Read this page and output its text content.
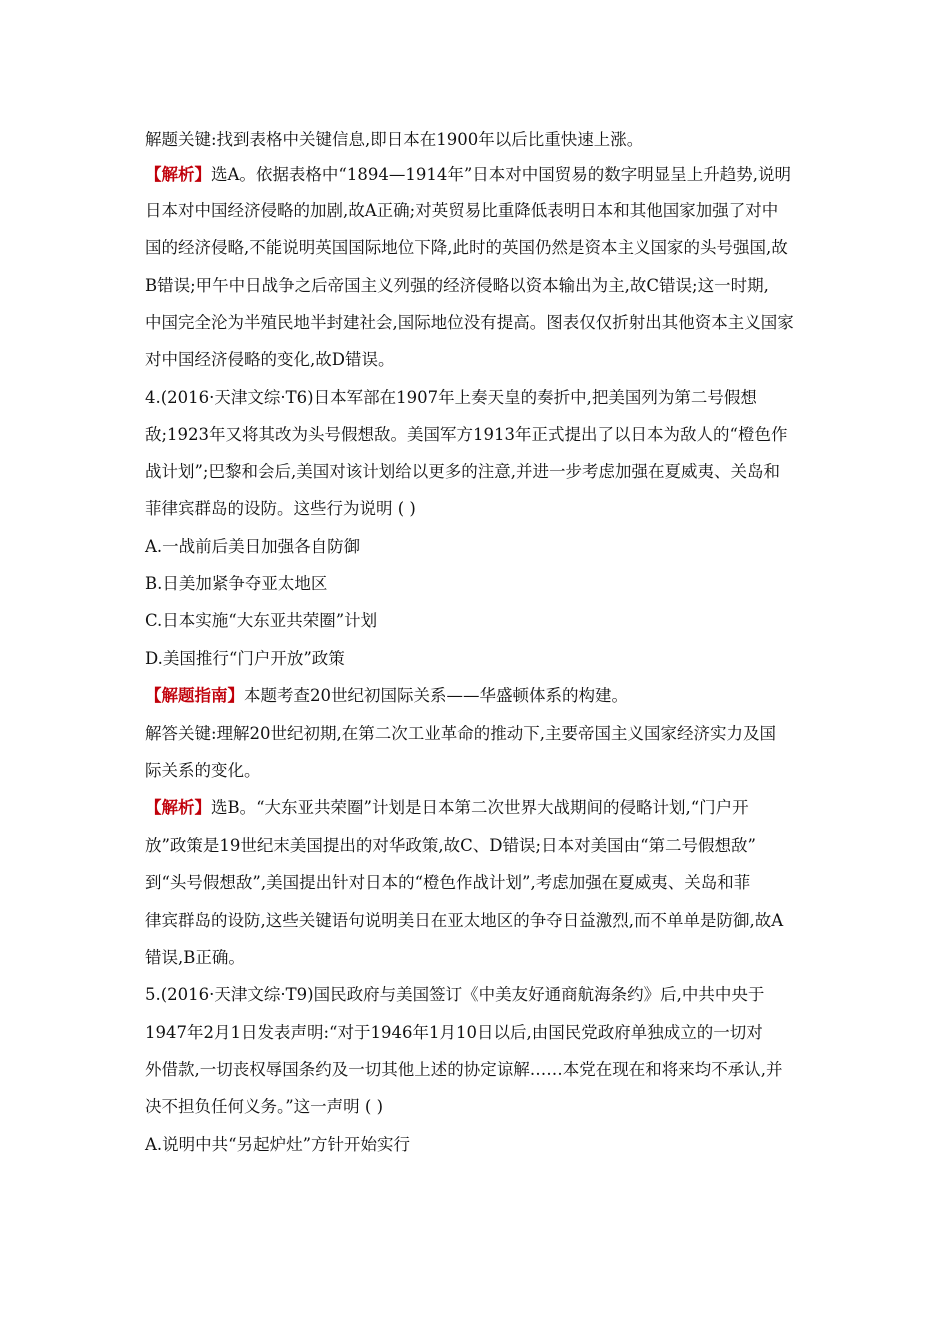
解题关键:找到表格中关键信息,即日本在1900年以后比重快速上涨。
【解析】选A。依据表格中“1894—1914年”日本对中国贸易的数字明显呈上升趋势,说明
日本对中国经济侵略的加剧,故A正确;对英贸易比重降低表明日本和其他国家加强了对中
国的经济侵略,不能说明英国国际地位下降,此时的英国仍然是资本主义国家的头号强国,故
B错误;甲午中日战争之后帝国主义列强的经济侵略以资本输出为主,故C错误;这一时期,
中国完全沦为半殖民地半封建社会,国际地位没有提高。图表仅仅折射出其他资本主义国家
对中国经济侵略的变化,故D错误。
4.(2016·天津文综·T6)日本军部在1907年上奏天皇的奏折中,把美国列为第二号假想
敌;1923年又将其改为头号假想敌。美国军方1913年正式提出了以日本为敌人的“橙色作
战计划”;巴黎和会后,美国对该计划给以更多的注意,并进一步考虑加强在夏威夷、关岛和
菲律宾群岛的设防。这些行为说明 ( )
A.一战前后美日加强各自防御
B.日美加紧争夺亚太地区
C.日本实施“大东亚共荣圈”计划
D.美国推行“门户开放”政策
【解题指南】本题考查20世纪初国际关系——华盛顿体系的构建。
解答关键:理解20世纪初期,在第二次工业革命的推动下,主要帝国主义国家经济实力及国
际关系的变化。
【解析】选B。“大东亚共荣圈”计划是日本第二次世界大战期间的侵略计划,“门户开
放”政策是19世纪末美国提出的对华政策,故C、D错误;日本对美国由“第二号假想敌”
到“头号假想敌”,美国提出针对日本的“橙色作战计划”,考虑加强在夏威夷、关岛和菲
律宾群岛的设防,这些关键语句说明美日在亚太地区的争夺日益激烈,而不单单是防御,故A
错误,B正确。
5.(2016·天津文综·T9)国民政府与美国签订《中美友好通商航海条约》后,中共中央于
1947年2月1日发表声明:“对于1946年1月10日以后,由国民党政府单独成立的一切对
外借款,一切丧权辱国条约及一切其他上述的协定谅解……本党在现在和将来均不承认,并
决不担负任何义务。”这一声明 ( )
A.说明中共“另起炉灶”方针开始实行
